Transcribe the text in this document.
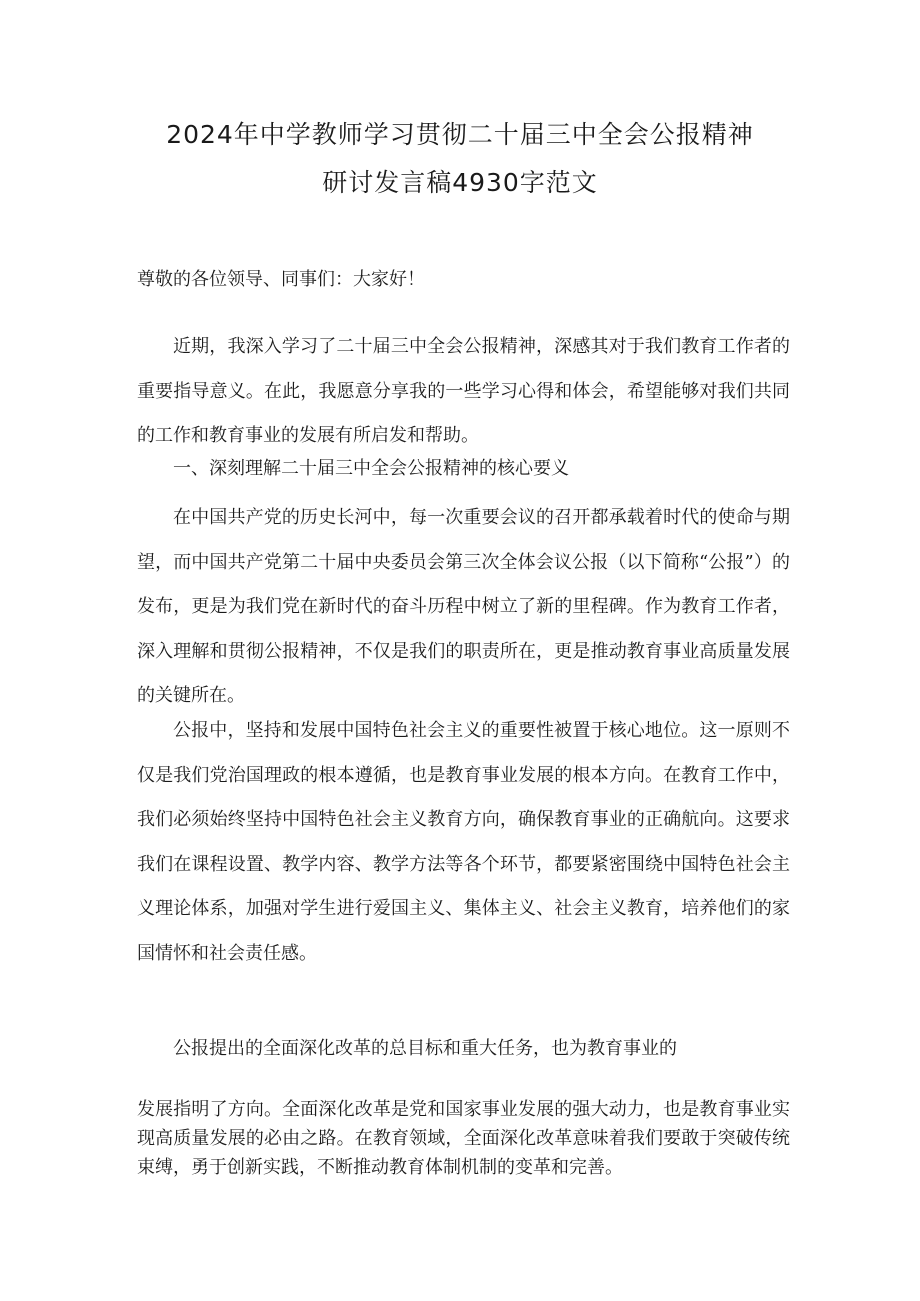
2024年中学教师学习贯彻二十届三中全会公报精神
研讨发言稿4930字范文

尊敬的各位领导、同事们：大家好！

近期，我深入学习了二十届三中全会公报精神，深感其对于我们教育工作者的重要指导意义。在此，我愿意分享我的一些学习心得和体会，希望能够对我们共同的工作和教育事业的发展有所启发和帮助。

一、深刻理解二十届三中全会公报精神的核心要义

在中国共产党的历史长河中，每一次重要会议的召开都承载着时代的使命与期望，而中国共产党第二十届中央委员会第三次全体会议公报（以下简称“公报”）的发布，更是为我们党在新时代的奋斗历程中树立了新的里程碑。作为教育工作者，深入理解和贯彻公报精神，不仅是我们的职责所在，更是推动教育事业高质量发展的关键所在。

公报中，坚持和发展中国特色社会主义的重要性被置于核心地位。这一原则不仅是我们党治国理政的根本遵循，也是教育事业发展的根本方向。在教育工作中，我们必须始终坚持中国特色社会主义教育方向，确保教育事业的正确航向。这要求我们在课程设置、教学内容、教学方法等各个环节，都要紧密围绕中国特色社会主义理论体系，加强对学生进行爱国主义、集体主义、社会主义教育，培养他们的家国情怀和社会责任感。

公报提出的全面深化改革的总目标和重大任务，也为教育事业的

发展指明了方向。全面深化改革是党和国家事业发展的强大动力，也是教育事业实现高质量发展的必由之路。在教育领域，全面深化改革意味着我们要敢于突破传统束缚，勇于创新实践，不断推动教育体制机制的变革和完善。
